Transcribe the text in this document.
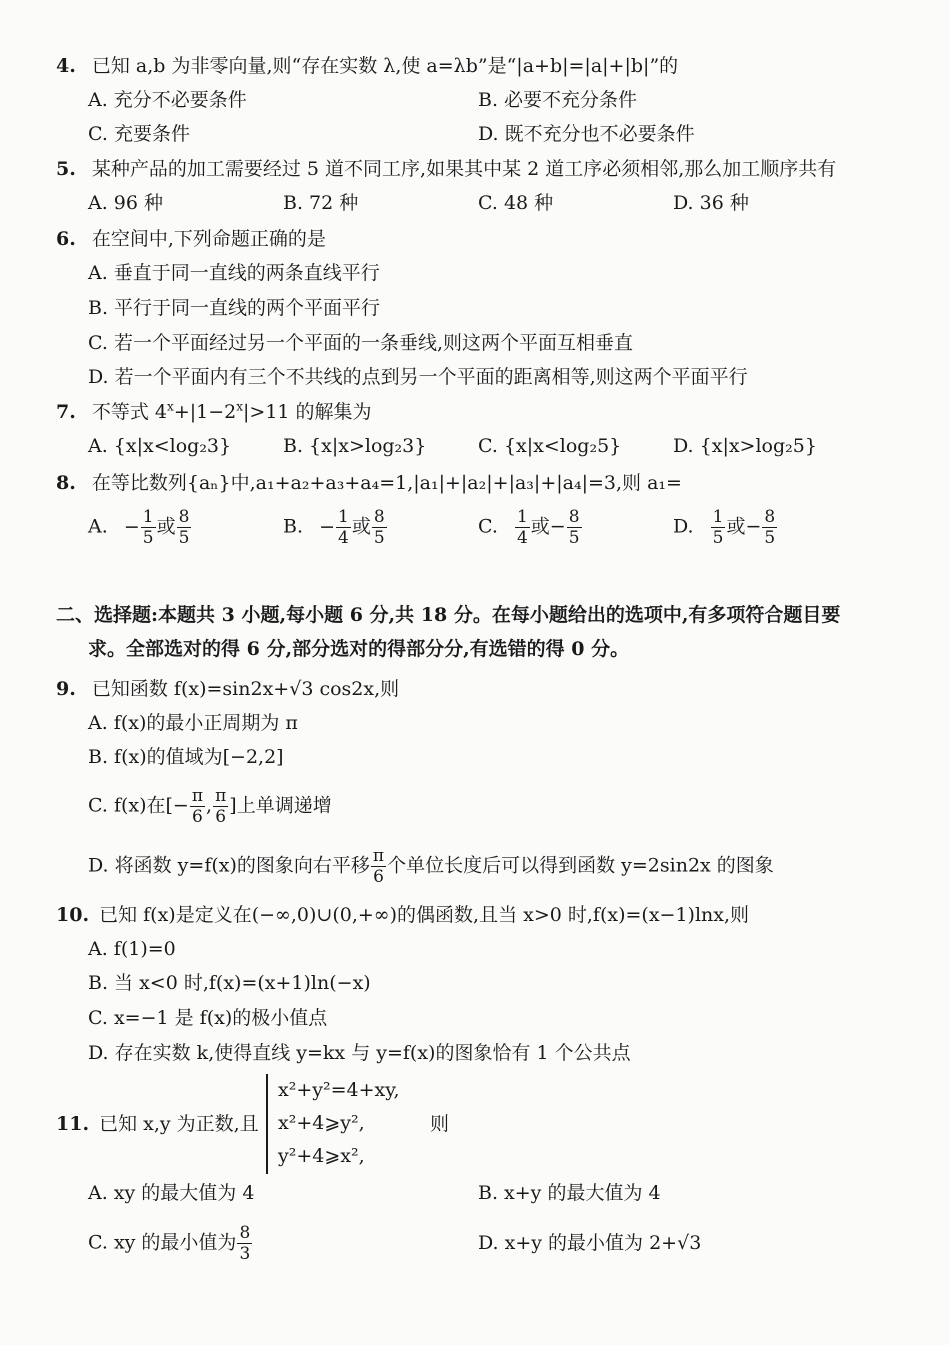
4. 已知 a,b 为非零向量,则“存在实数 λ,使 a=λb”是“|a+b|=|a|+|b|”的
A. 充分不必要条件	B. 必要不充分条件
C. 充要条件	D. 既不充分也不必要条件
5. 某种产品的加工需要经过 5 道不同工序,如果其中某 2 道工序必须相邻,那么加工顺序共有
A. 96 种	B. 72 种	C. 48 种	D. 36 种
6. 在空间中,下列命题正确的是
A. 垂直于同一直线的两条直线平行
B. 平行于同一直线的两个平面平行
C. 若一个平面经过另一个平面的一条垂线,则这两个平面互相垂直
D. 若一个平面内有三个不共线的点到另一个平面的距离相等,则这两个平面平行
7. 不等式 $4^x+|1-2^x|>11$ 的解集为
A. {x|x<log₂3}	B. {x|x>log₂3}	C. {x|x<log₂5}	D. {x|x>log₂5}
8. 在等比数列{aₙ}中,a₁+a₂+a₃+a₄=1,|a₁|+|a₂|+|a₃|+|a₄|=3,则 a₁=
A. − $\frac{1}{5}$ 或 $\frac{8}{5}$	B. − $\frac{1}{4}$ 或 $\frac{8}{5}$	C. $\frac{1}{4}$ 或− $\frac{8}{5}$	D. $\frac{1}{5}$ 或− $\frac{8}{5}$
二、选择题:本题共 3 小题,每小题 6 分,共 18 分。在每小题给出的选项中,有多项符合题目要
求。全部选对的得 6 分,部分选对的得部分分,有选错的得 0 分。
9. 已知函数 f(x)=sin2x+√3 cos2x,则
A. f(x)的最小正周期为 π
B. f(x)的值域为[−2,2]
C. f(x)在[− $\frac{\pi}{6}$ , $\frac{\pi}{6}$ ]上单调递增
D. 将函数 y=f(x)的图象向右平移 $\frac{\pi}{6}$ 个单位长度后可以得到函数 y=2sin2x 的图象
10. 已知 f(x)是定义在(−∞,0)∪(0,+∞)的偶函数,且当 x>0 时,f(x)=(x−1)lnx,则
A. f(1)=0
B. 当 x<0 时,f(x)=(x+1)ln(−x)
C. x=−1 是 f(x)的极小值点
D. 存在实数 k,使得直线 y=kx 与 y=f(x)的图象恰有 1 个公共点
11. 已知 x,y 为正数,且
x²+y²=4+xy,
x²+4⩾y²,
y²+4⩾x²,
则
A. xy 的最大值为 4	B. x+y 的最大值为 4
C. xy 的最小值为 $\frac{8}{3}$	D. x+y 的最小值为 2+√3
